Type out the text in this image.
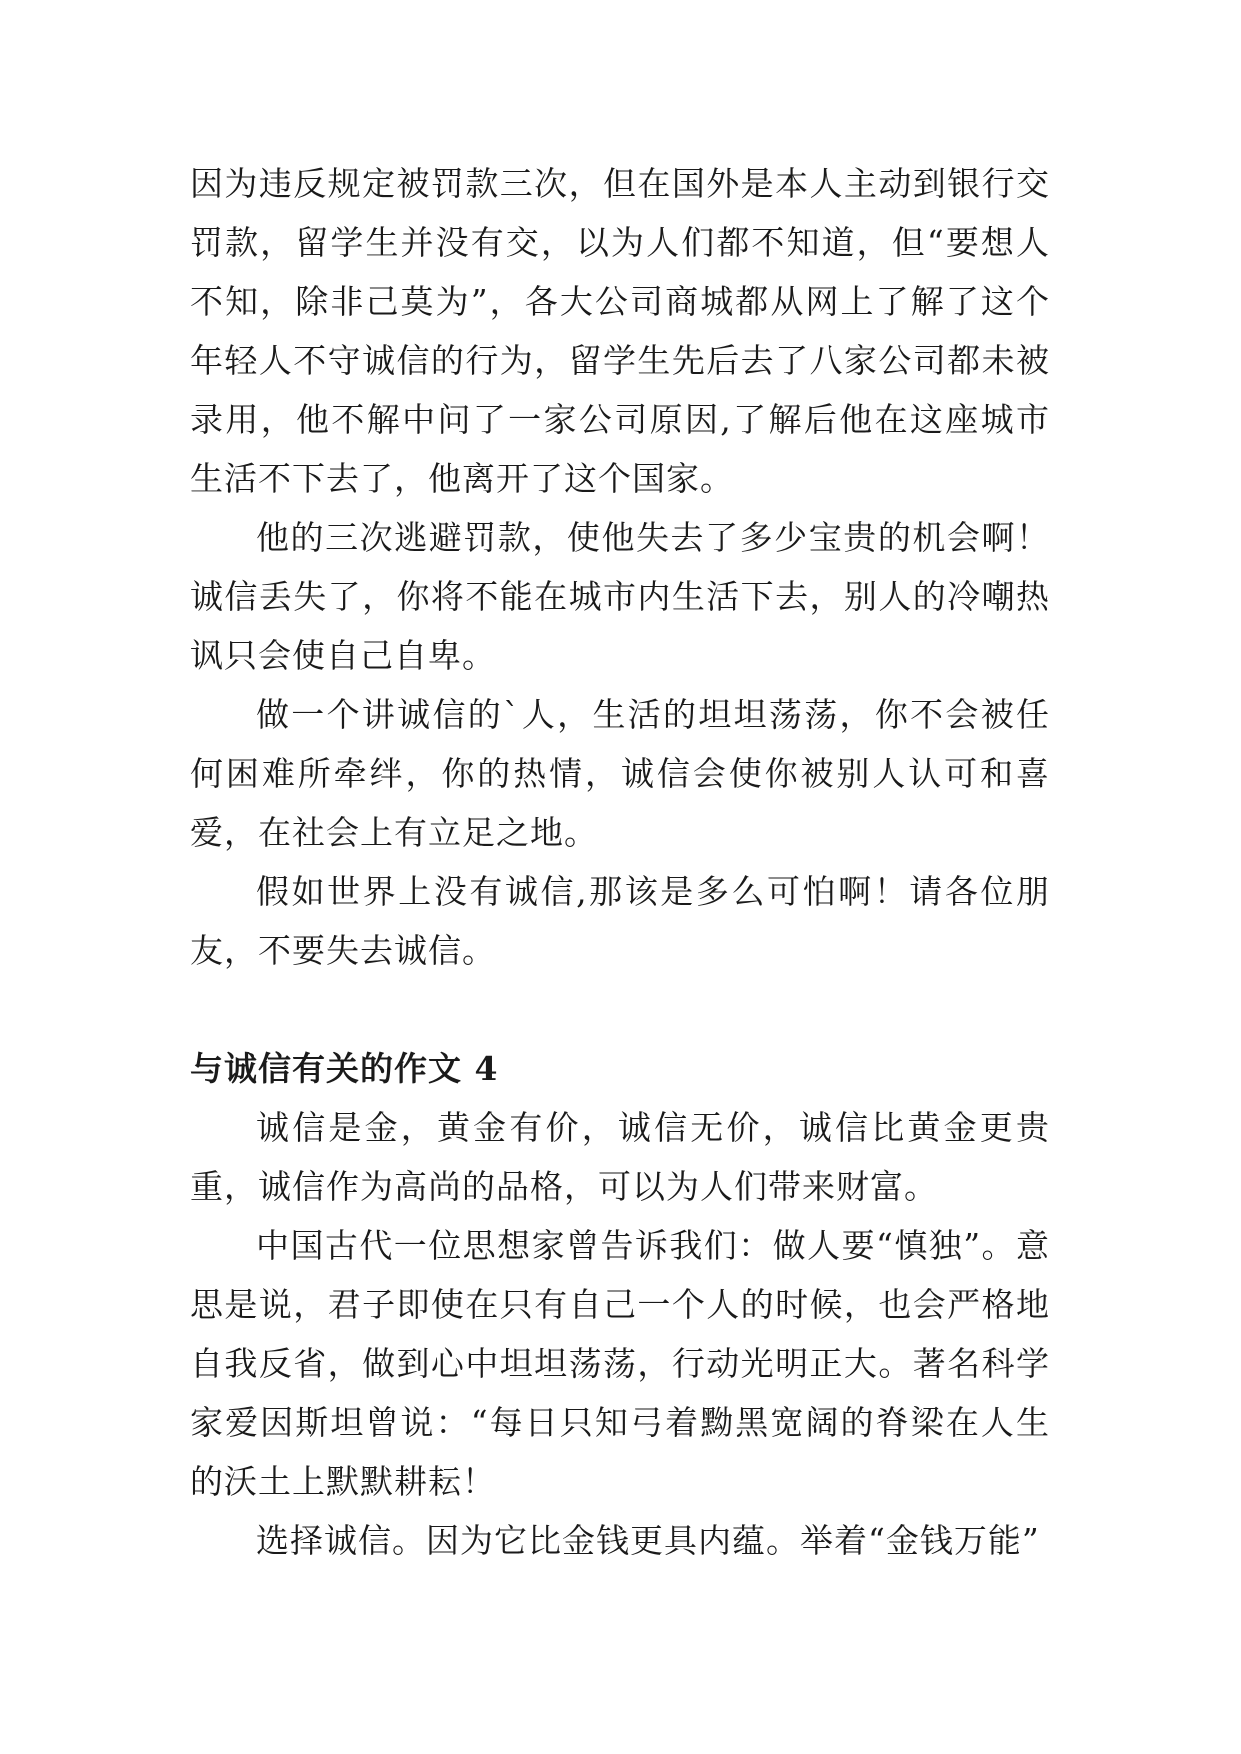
因为违反规定被罚款三次，但在国外是本人主动到银行交罚款，留学生并没有交，以为人们都不知道，但“要想人不知，除非己莫为”，各大公司商城都从网上了解了这个年轻人不守诚信的行为，留学生先后去了八家公司都未被录用，他不解中问了一家公司原因,了解后他在这座城市生活不下去了，他离开了这个国家。

他的三次逃避罚款，使他失去了多少宝贵的机会啊！诚信丢失了，你将不能在城市内生活下去，别人的冷嘲热讽只会使自己自卑。

做一个讲诚信的`人，生活的坦坦荡荡，你不会被任何困难所牵绊，你的热情，诚信会使你被别人认可和喜爱，在社会上有立足之地。

假如世界上没有诚信,那该是多么可怕啊！请各位朋友，不要失去诚信。

与诚信有关的作文 4

诚信是金，黄金有价，诚信无价，诚信比黄金更贵重，诚信作为高尚的品格，可以为人们带来财富。

中国古代一位思想家曾告诉我们：做人要“慎独”。意思是说，君子即使在只有自己一个人的时候，也会严格地自我反省，做到心中坦坦荡荡，行动光明正大。著名科学家爱因斯坦曾说：“每日只知弓着黝黑宽阔的脊梁在人生的沃土上默默耕耘！

选择诚信。因为它比金钱更具内蕴。举着“金钱万能”
